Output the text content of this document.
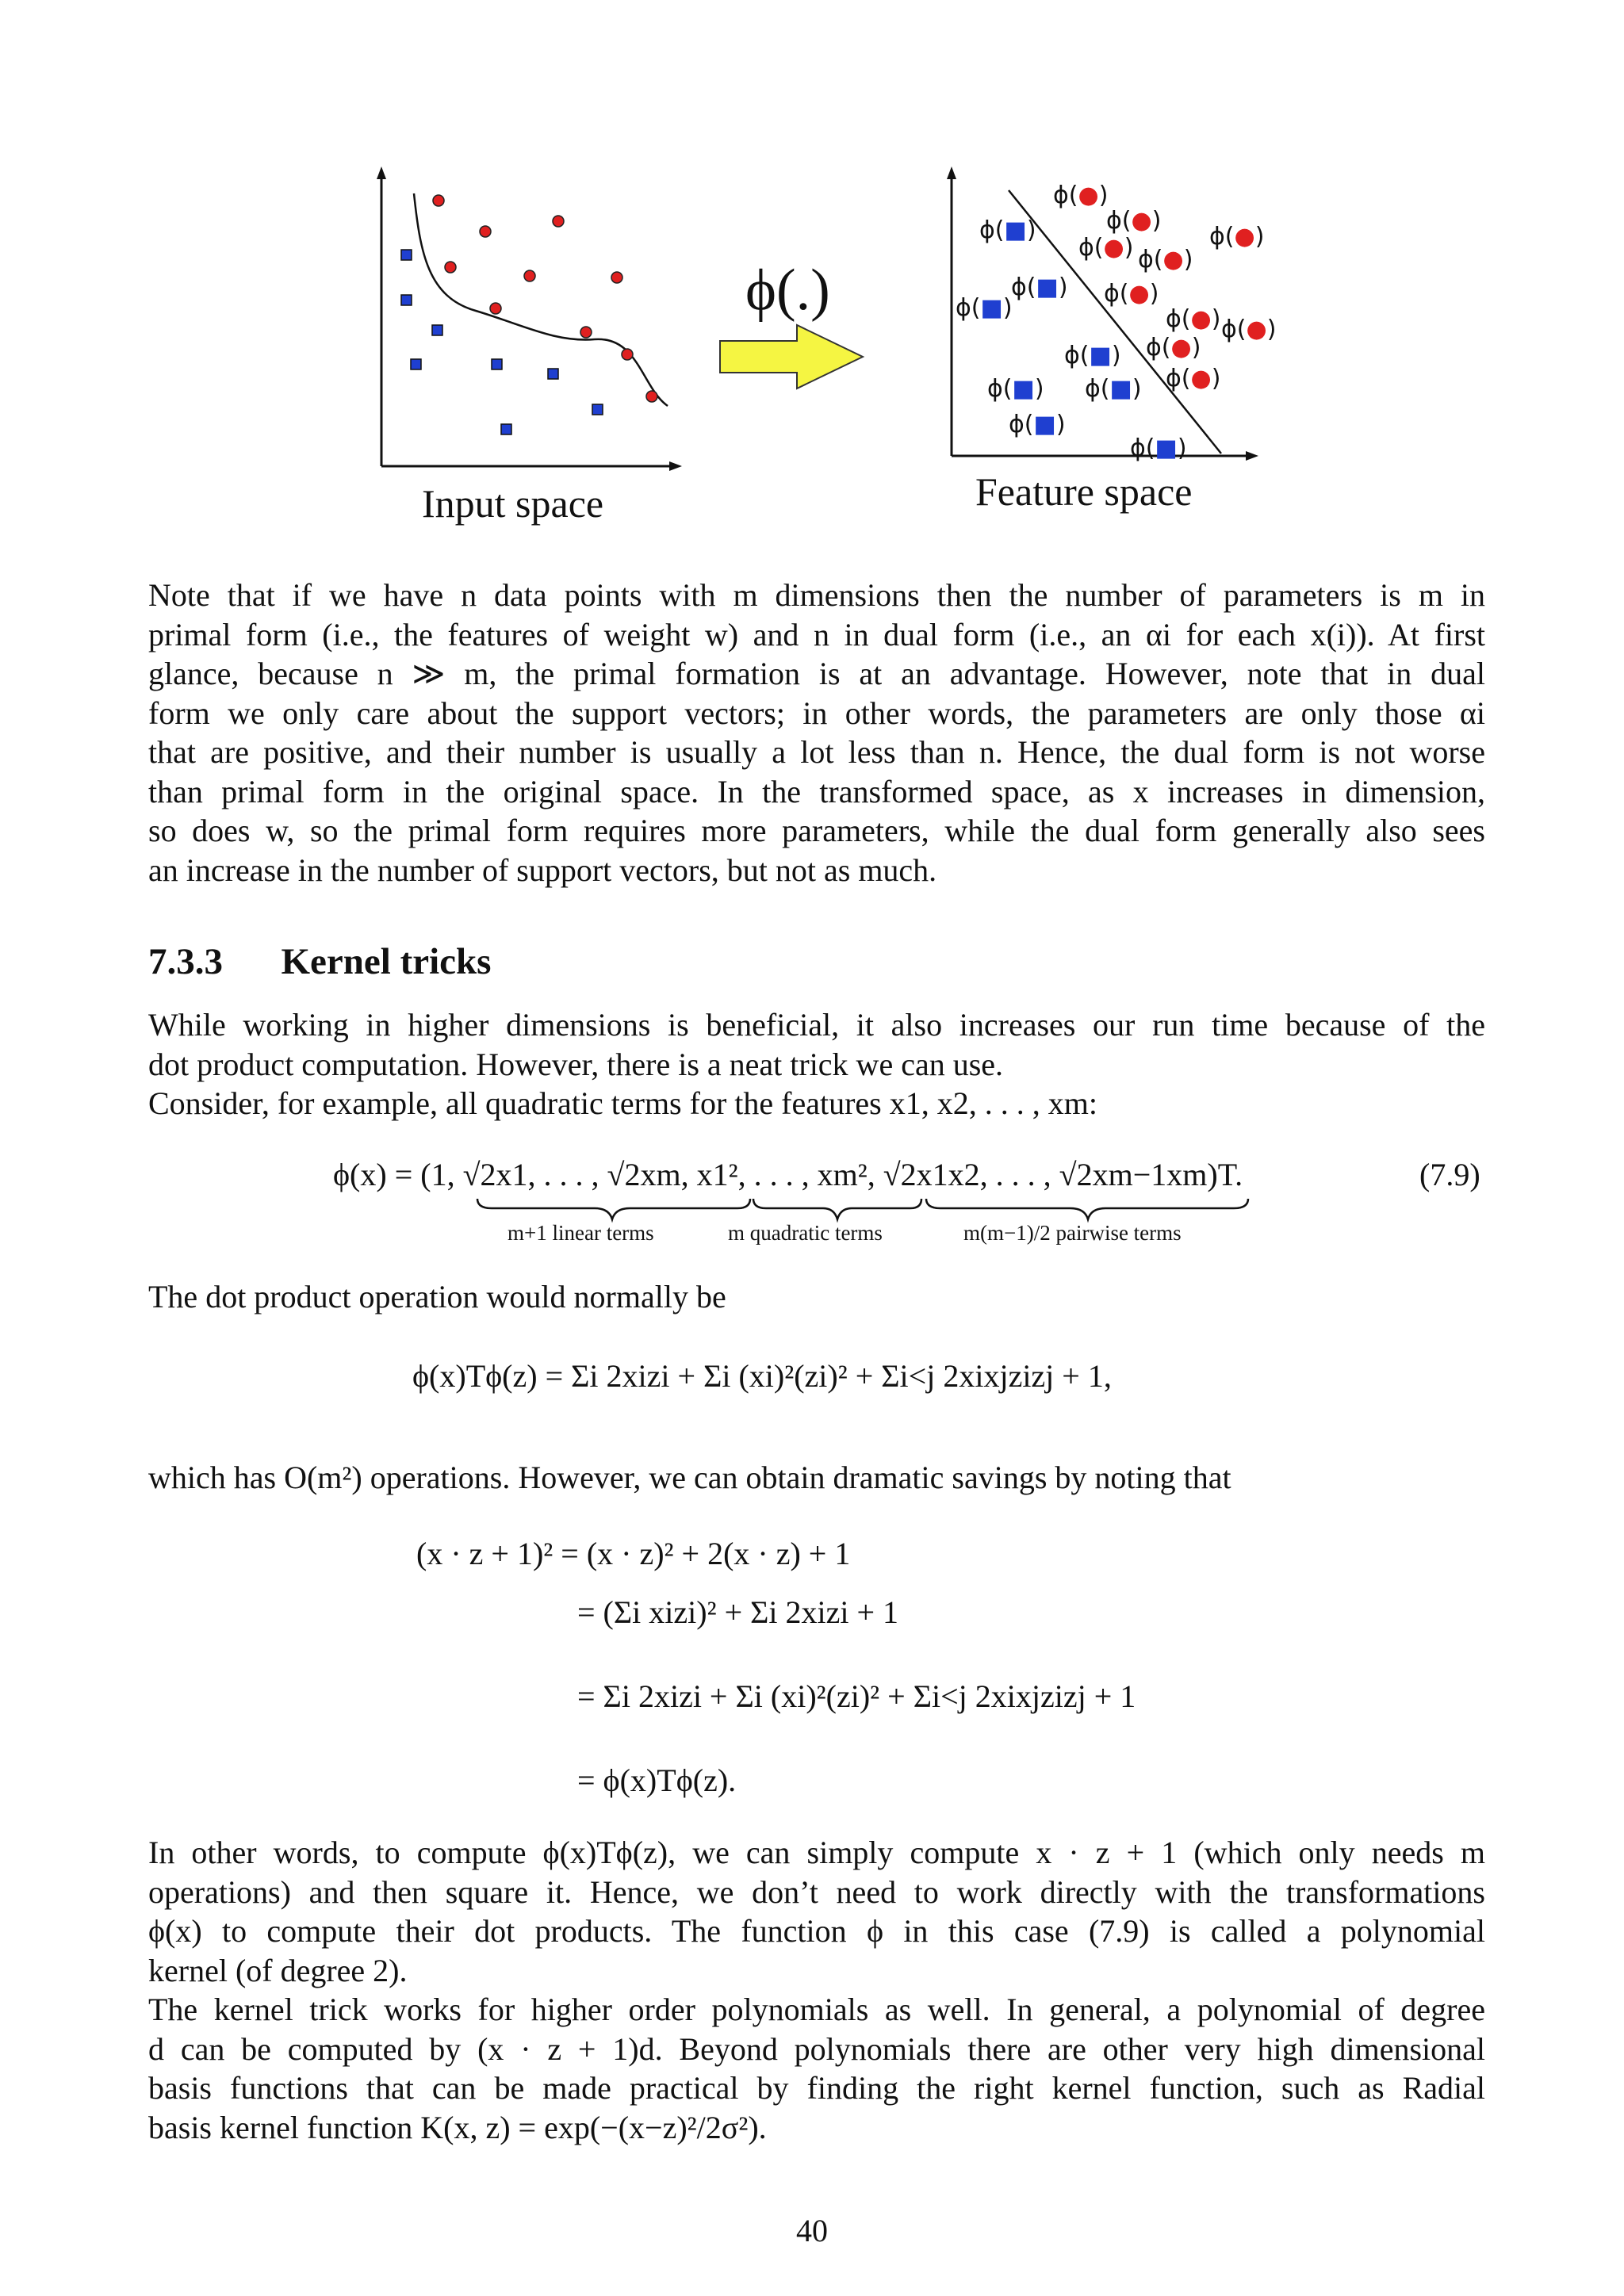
ϕ(.)
ϕ(●)
ϕ(●)
ϕ(●) ϕ(●)
ϕ(●)
ϕ(●)
ϕ(●)
ϕ(●)
ϕ(●)
ϕ(●)
ϕ(■)
ϕ(■)
ϕ(■)
ϕ(■)
ϕ(■) ϕ(■)
ϕ(■)
ϕ(■)
Input space	Feature space
Note that if we have n data points with m dimensions then the number of parameters is m in
primal form (i.e., the features of weight w) and n in dual form (i.e., an αi for each x(i)). At first
glance, because n ≫ m, the primal formation is at an advantage. However, note that in dual
form we only care about the support vectors; in other words, the parameters are only those αi
that are positive, and their number is usually a lot less than n. Hence, the dual form is not worse
than primal form in the original space. In the transformed space, as x increases in dimension,
so does w, so the primal form requires more parameters, while the dual form generally also sees
an increase in the number of support vectors, but not as much.
7.3.3 Kernel tricks
While working in higher dimensions is beneficial, it also increases our run time because of the
dot product computation. However, there is a neat trick we can use.
Consider, for example, all quadratic terms for the features x1, x2, . . . , xm:
ϕ(x) = (1, √2x1, . . . , √2xm, x1², . . . , xm², √2x1x2, . . . , √2xm−1xm)T.	(7.9)
m+1 linear terms	m quadratic terms	m(m−1)/2 pairwise terms
The dot product operation would normally be
ϕ(x)Tϕ(z) = Σi 2xizi + Σi (xi)²(zi)² + Σi<j 2xixjzizj + 1,
which has O(m²) operations. However, we can obtain dramatic savings by noting that
(x · z + 1)² = (x · z)² + 2(x · z) + 1
= (Σi xizi)² + Σi 2xizi + 1
= Σi 2xizi + Σi (xi)²(zi)² + Σi<j 2xixjzizj + 1
= ϕ(x)Tϕ(z).
In other words, to compute ϕ(x)Tϕ(z), we can simply compute x · z + 1 (which only needs m
operations) and then square it. Hence, we don’t need to work directly with the transformations
ϕ(x) to compute their dot products. The function ϕ in this case (7.9) is called a polynomial
kernel (of degree 2).
The kernel trick works for higher order polynomials as well. In general, a polynomial of degree
d can be computed by (x · z + 1)d. Beyond polynomials there are other very high dimensional
basis functions that can be made practical by finding the right kernel function, such as Radial
basis kernel function K(x, z) = exp(−(x−z)²/2σ²).
40
